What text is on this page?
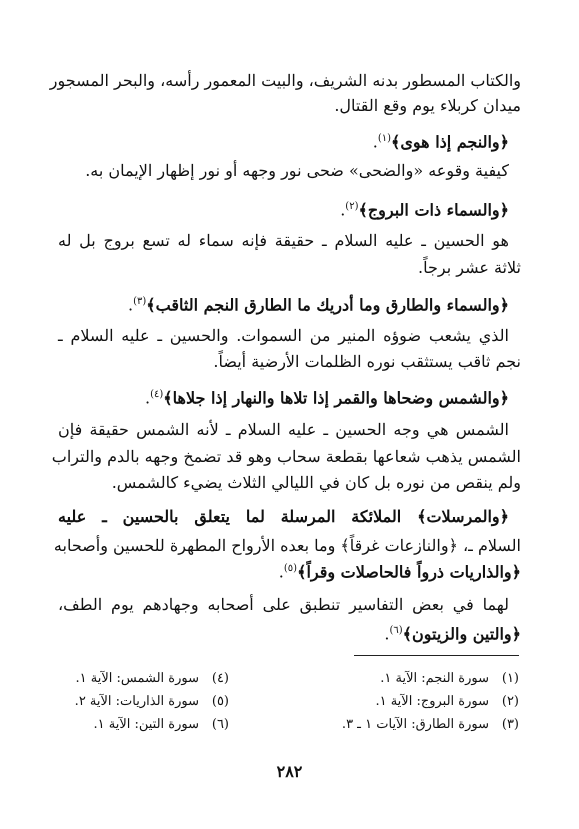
والكتاب المسطور بدنه الشريف، والبيت المعمور رأسه، والبحر المسجور
ميدان كربلاء يوم وقع القتال.
﴿والنجم إذا هوى﴾$^{(١)}$.
كيفية وقوعه «والضحى» ضحى نور وجهه أو نور إظهار الإيمان به.
﴿والسماء ذات البروج﴾$^{(٢)}$.
هو الحسين ـ عليه السلام ـ حقيقة فإنه سماء له تسع بروج بل له
ثلاثة عشر برجاً.
﴿والسماء والطارق وما أدريك ما الطارق النجم الثاقب﴾$^{(٣)}$.
الذي يشعب ضوؤه المنير من السموات. والحسين ـ عليه السلام ـ
نجم ثاقب يستثقب نوره الظلمات الأرضية أيضاً.
﴿والشمس وضحاها والقمر إذا تلاها والنهار إذا جلاها﴾$^{(٤)}$.
الشمس هي وجه الحسين ـ عليه السلام ـ لأنه الشمس حقيقة فإن
الشمس يذهب شعاعها بقطعة سحاب وهو قد تضمخ وجهه بالدم والتراب
ولم ينقص من نوره بل كان في الليالي الثلاث يضيء كالشمس.
﴿والمرسلات﴾ الملائكة المرسلة لما يتعلق بالحسين ـ عليه
السلام ـ، ﴿والنازعات غرقاً﴾ وما بعده الأرواح المطهرة للحسين وأصحابه
﴿والذاريات ذرواً فالحاصلات وقراً﴾$^{(٥)}$.
لهما في بعض التفاسير تنطبق على أصحابه وجهادهم يوم الطف،
﴿والتين والزيتون﴾$^{(٦)}$.
(١)سورة النجم: الآية ١.
(٢)سورة البروج: الآية ١.
(٣)سورة الطارق: الآيات ١ ـ ٣.
(٤)سورة الشمس: الآية ١.
(٥)سورة الذاريات: الآية ٢.
(٦)سورة التين: الآية ١.
٢٨٢
